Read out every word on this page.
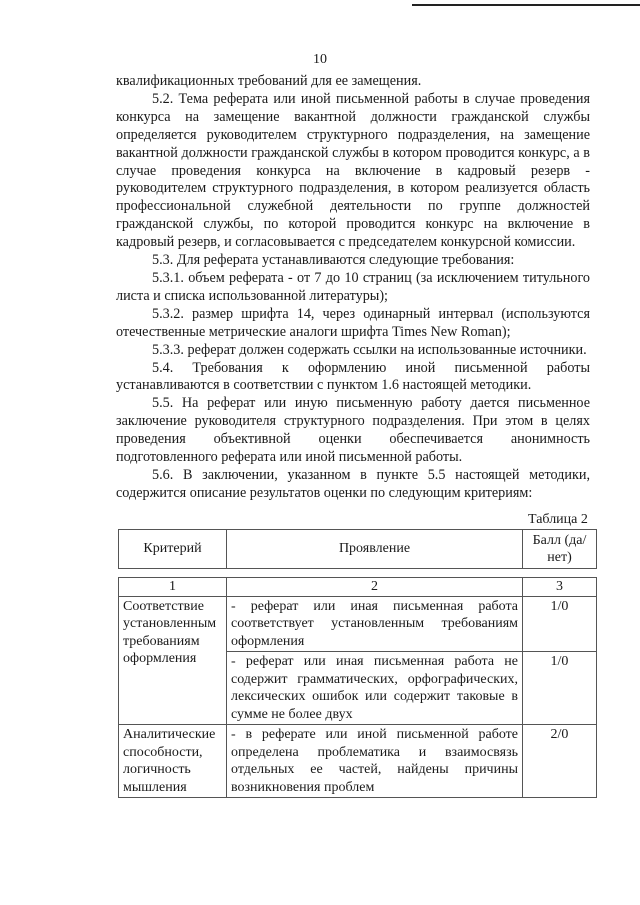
10

квалификационных требований для ее замещения.

5.2. Тема реферата или иной письменной работы в случае проведения конкурса на замещение вакантной должности гражданской службы определяется руководителем структурного подразделения, на замещение вакантной должности гражданской службы в котором проводится конкурс, а в случае проведения конкурса на включение в кадровый резерв - руководителем структурного подразделения, в котором реализуется область профессиональной служебной деятельности по группе должностей гражданской службы, по которой проводится конкурс на включение в кадровый резерв, и согласовывается с председателем конкурсной комиссии.

5.3. Для реферата устанавливаются следующие требования:

5.3.1. объем реферата - от 7 до 10 страниц (за исключением титульного листа и списка использованной литературы);

5.3.2. размер шрифта 14, через одинарный интервал (используются отечественные метрические аналоги шрифта Times New Roman);

5.3.3. реферат должен содержать ссылки на использованные источники.

5.4. Требования к оформлению иной письменной работы устанавливаются в соответствии с пунктом 1.6 настоящей методики.

5.5. На реферат или иную письменную работу дается письменное заключение руководителя структурного подразделения. При этом в целях проведения объективной оценки обеспечивается анонимность подготовленного реферата или иной письменной работы.

5.6. В заключении, указанном в пункте 5.5 настоящей методики, содержится описание результатов оценки по следующим критериям:

Таблица 2
Критерий	Проявление	Балл (да/нет)

1	2	3
Соответствие установленным требованиям оформления	- реферат или иная письменная работа соответствует установленным требованиям оформления	1/0
	- реферат или иная письменная работа не содержит грамматических, орфографических, лексических ошибок или содержит таковые в сумме не более двух	1/0
Аналитические способности, логичность мышления	- в реферате или иной письменной работе определена проблематика и взаимосвязь отдельных ее частей, найдены причины возникновения проблем	2/0
